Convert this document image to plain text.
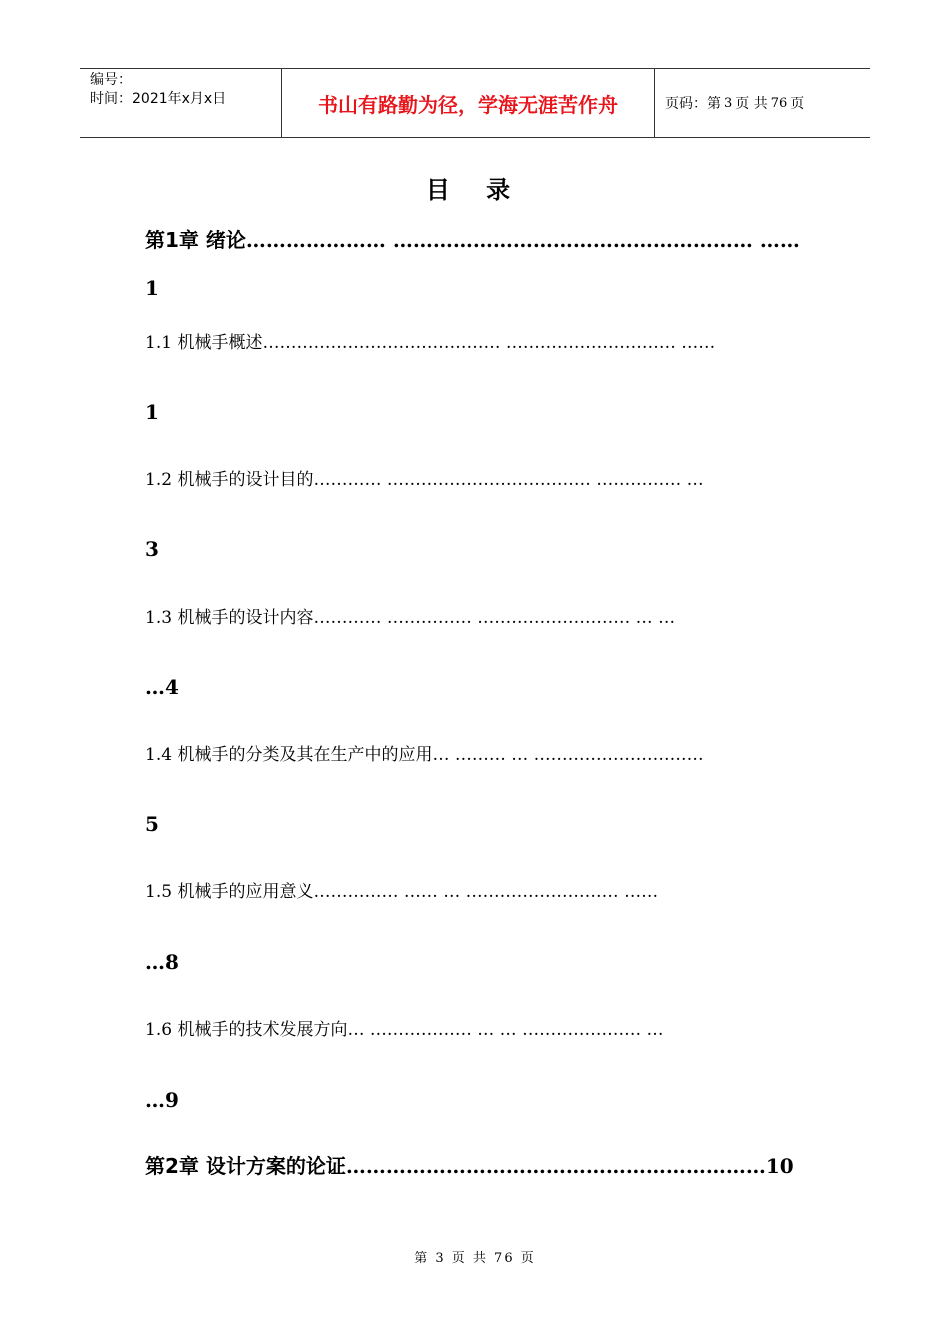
编号：
时间：2021年x月x日	书山有路勤为径，学海无涯苦作舟	页码：第 3 页 共 76 页
目 录
第1章 绪论………………… ……………………………………………… ……
1
1.1 机械手概述…………………………………… ………………………… ……
1
1.2 机械手的设计目的………… ……………………………… …………… …
3
1.3 机械手的设计内容………… …………… ……………………… … …
…4
1.4 机械手的分类及其在生产中的应用… ……… … …………………………
5
1.5 机械手的应用意义…………… …… … ……………………… ……
…8
1.6 机械手的技术发展方向… ……………… … … ………………… …
…9
第2章 设计方案的论证………………………………………………………10
第 3 页 共 76 页
